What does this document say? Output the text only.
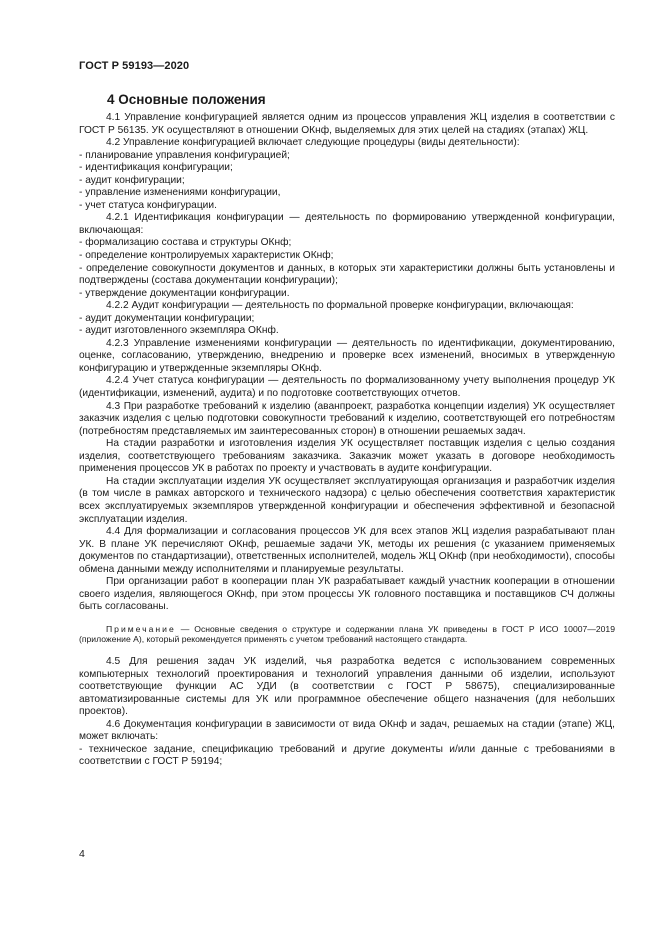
ГОСТ Р 59193—2020
4 Основные положения

4.1 Управление конфигурацией является одним из процессов управления ЖЦ изделия в соответствии с ГОСТ Р 56135. УК осуществляют в отношении ОКнф, выделяемых для этих целей на стадиях (этапах) ЖЦ.

4.2 Управление конфигурацией включает следующие процедуры (виды деятельности):

- планирование управления конфигурацией;

- идентификация конфигурации;

- аудит конфигурации;

- управление изменениями конфигурации,

- учет статуса конфигурации.

4.2.1 Идентификация конфигурации — деятельность по формированию утвержденной конфигурации, включающая:

- формализацию состава и структуры ОКнф;

- определение контролируемых характеристик ОКнф;

- определение совокупности документов и данных, в которых эти характеристики должны быть установлены и подтверждены (состава документации конфигурации);

- утверждение документации конфигурации.

4.2.2 Аудит конфигурации — деятельность по формальной проверке конфигурации, включающая:

- аудит документации конфигурации;

- аудит изготовленного экземпляра ОКнф.

4.2.3 Управление изменениями конфигурации — деятельность по идентификации, документированию, оценке, согласованию, утверждению, внедрению и проверке всех изменений, вносимых в утвержденную конфигурацию и утвержденные экземпляры ОКнф.

4.2.4 Учет статуса конфигурации — деятельность по формализованному учету выполнения процедур УК (идентификации, изменений, аудита) и по подготовке соответствующих отчетов.

4.3 При разработке требований к изделию (аванпроект, разработка концепции изделия) УК осуществляет заказчик изделия с целью подготовки совокупности требований к изделию, соответствующей его потребностям (потребностям представляемых им заинтересованных сторон) в отношении решаемых задач.

На стадии разработки и изготовления изделия УК осуществляет поставщик изделия с целью создания изделия, соответствующего требованиям заказчика. Заказчик может указать в договоре необходимость применения процессов УК в работах по проекту и участвовать в аудите конфигурации.

На стадии эксплуатации изделия УК осуществляет эксплуатирующая организация и разработчик изделия (в том числе в рамках авторского и технического надзора) с целью обеспечения соответствия характеристик всех эксплуатируемых экземпляров утвержденной конфигурации и обеспечения эффективной и безопасной эксплуатации изделия.

4.4 Для формализации и согласования процессов УК для всех этапов ЖЦ изделия разрабатывают план УК. В плане УК перечисляют ОКнф, решаемые задачи УК, методы их решения (с указанием применяемых документов по стандартизации), ответственных исполнителей, модель ЖЦ ОКнф (при необходимости), способы обмена данными между исполнителями и планируемые результаты.

При организации работ в кооперации план УК разрабатывает каждый участник кооперации в отношении своего изделия, являющегося ОКнф, при этом процессы УК головного поставщика и поставщиков СЧ должны быть согласованы.

Примечание — Основные сведения о структуре и содержании плана УК приведены в ГОСТ Р ИСО 10007—2019 (приложение А), который рекомендуется применять с учетом требований настоящего стандарта.

4.5 Для решения задач УК изделий, чья разработка ведется с использованием современных компьютерных технологий проектирования и технологий управления данными об изделии, используют соответствующие функции АС УДИ (в соответствии с ГОСТ Р 58675), специализированные автоматизированные системы для УК или программное обеспечение общего назначения (для небольших проектов).

4.6 Документация конфигурации в зависимости от вида ОКнф и задач, решаемых на стадии (этапе) ЖЦ, может включать:

- техническое задание, спецификацию требований и другие документы и/или данные с требованиями в соответствии с ГОСТ Р 59194;

4
